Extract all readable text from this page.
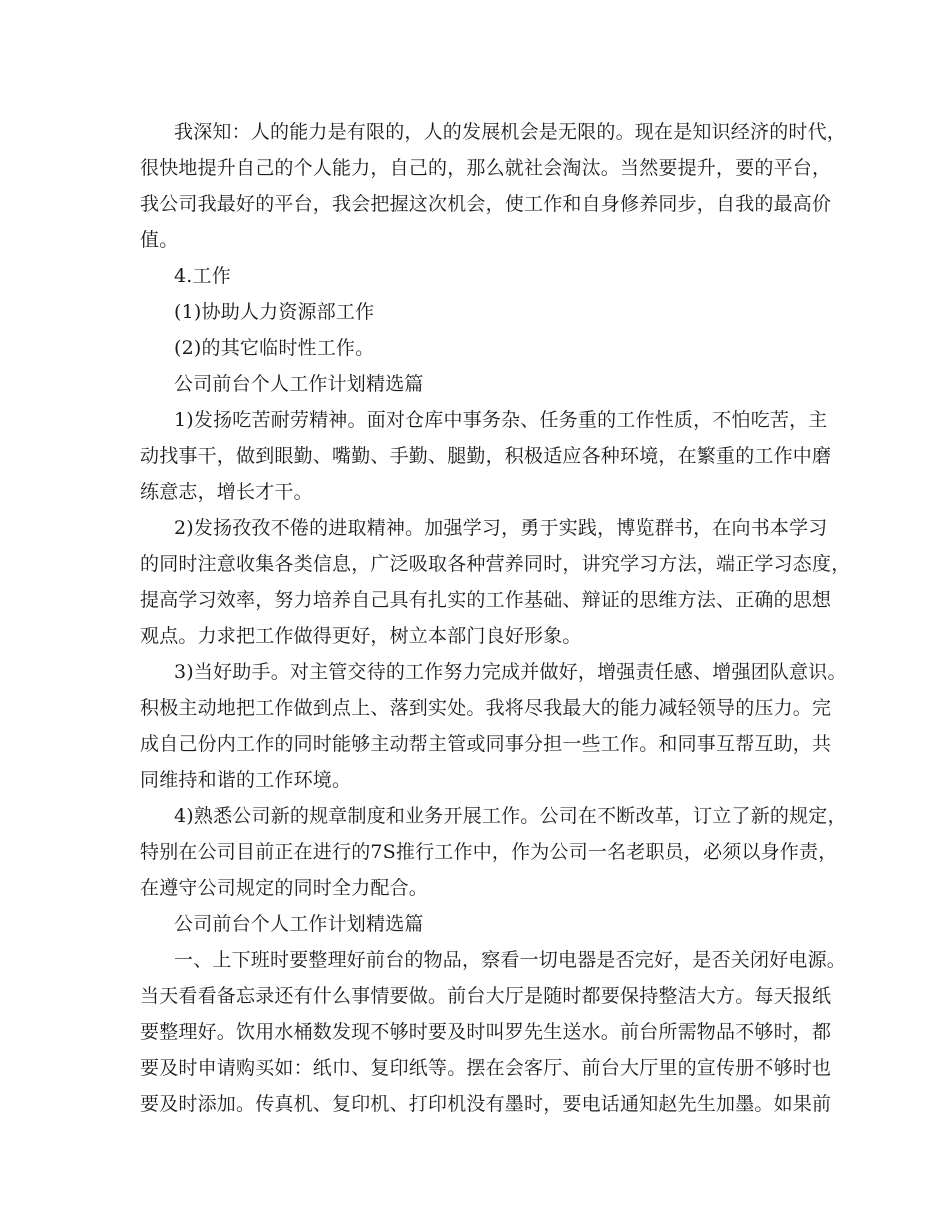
我深知：人的能力是有限的，人的发展机会是无限的。现在是知识经济的时代，
很快地提升自己的个人能力，自己的，那么就社会淘汰。当然要提升，要的平台，
我公司我最好的平台，我会把握这次机会，使工作和自身修养同步，自我的最高价
值。
4.工作
(1)协助人力资源部工作
(2)的其它临时性工作。
公司前台个人工作计划精选篇
1)发扬吃苦耐劳精神。面对仓库中事务杂、任务重的工作性质，不怕吃苦，主
动找事干，做到眼勤、嘴勤、手勤、腿勤，积极适应各种环境，在繁重的工作中磨
练意志，增长才干。
2)发扬孜孜不倦的进取精神。加强学习，勇于实践，博览群书，在向书本学习
的同时注意收集各类信息，广泛吸取各种营养同时，讲究学习方法，端正学习态度，
提高学习效率，努力培养自己具有扎实的工作基础、辩证的思维方法、正确的思想
观点。力求把工作做得更好，树立本部门良好形象。
3)当好助手。对主管交待的工作努力完成并做好，增强责任感、增强团队意识。
积极主动地把工作做到点上、落到实处。我将尽我最大的能力减轻领导的压力。完
成自己份内工作的同时能够主动帮主管或同事分担一些工作。和同事互帮互助，共
同维持和谐的工作环境。
4)熟悉公司新的规章制度和业务开展工作。公司在不断改革，订立了新的规定，
特别在公司目前正在进行的7S推行工作中，作为公司一名老职员，必须以身作责，
在遵守公司规定的同时全力配合。
公司前台个人工作计划精选篇
一、上下班时要整理好前台的物品，察看一切电器是否完好，是否关闭好电源。
当天看看备忘录还有什么事情要做。前台大厅是随时都要保持整洁大方。每天报纸
要整理好。饮用水桶数发现不够时要及时叫罗先生送水。前台所需物品不够时，都
要及时申请购买如：纸巾、复印纸等。摆在会客厅、前台大厅里的宣传册不够时也
要及时添加。传真机、复印机、打印机没有墨时，要电话通知赵先生加墨。如果前
